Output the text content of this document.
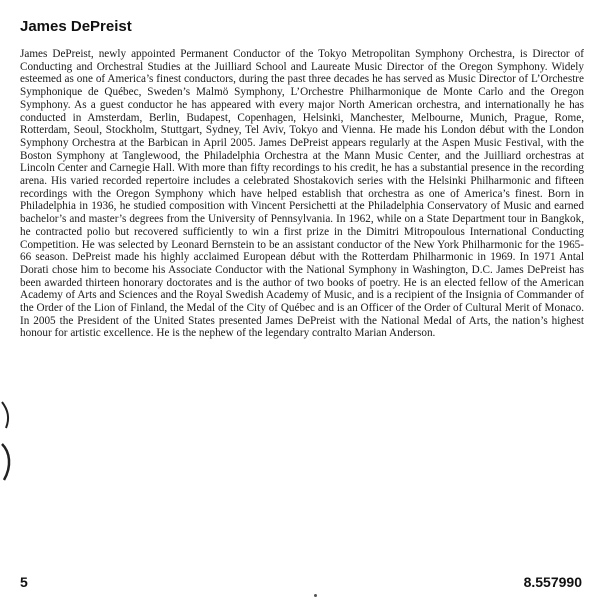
James DePreist

James DePreist, newly appointed Permanent Conductor of the Tokyo Metropolitan Symphony Orchestra, is Director of Conducting and Orchestral Studies at the Juilliard School and Laureate Music Director of the Oregon Symphony. Widely esteemed as one of America’s finest conductors, during the past three decades he has served as Music Director of L’Orchestre Symphonique de Québec, Sweden’s Malmö Symphony, L’Orchestre Philharmonique de Monte Carlo and the Oregon Symphony. As a guest conductor he has appeared with every major North American orchestra, and internationally he has conducted in Amsterdam, Berlin, Budapest, Copenhagen, Helsinki, Manchester, Melbourne, Munich, Prague, Rome, Rotterdam, Seoul, Stockholm, Stuttgart, Sydney, Tel Aviv, Tokyo and Vienna. He made his London début with the London Symphony Orchestra at the Barbican in April 2005. James DePreist appears regularly at the Aspen Music Festival, with the Boston Symphony at Tanglewood, the Philadelphia Orchestra at the Mann Music Center, and the Juilliard orchestras at Lincoln Center and Carnegie Hall. With more than fifty recordings to his credit, he has a substantial presence in the recording arena. His varied recorded repertoire includes a celebrated Shostakovich series with the Helsinki Philharmonic and fifteen recordings with the Oregon Symphony which have helped establish that orchestra as one of America’s finest. Born in Philadelphia in 1936, he studied composition with Vincent Persichetti at the Philadelphia Conservatory of Music and earned bachelor’s and master’s degrees from the University of Pennsylvania. In 1962, while on a State Department tour in Bangkok, he contracted polio but recovered sufficiently to win a first prize in the Dimitri Mitropoulous International Conducting Competition. He was selected by Leonard Bernstein to be an assistant conductor of the New York Philharmonic for the 1965-66 season. DePreist made his highly acclaimed European début with the Rotterdam Philharmonic in 1969. In 1971 Antal Dorati chose him to become his Associate Conductor with the National Symphony in Washington, D.C. James DePreist has been awarded thirteen honorary doctorates and is the author of two books of poetry. He is an elected fellow of the American Academy of Arts and Sciences and the Royal Swedish Academy of Music, and is a recipient of the Insignia of Commander of the Order of the Lion of Finland, the Medal of the City of Québec and is an Officer of the Order of Cultural Merit of Monaco. In 2005 the President of the United States presented James DePreist with the National Medal of Arts, the nation’s highest honour for artistic excellence. He is the nephew of the legendary contralto Marian Anderson.

5	8.557990
